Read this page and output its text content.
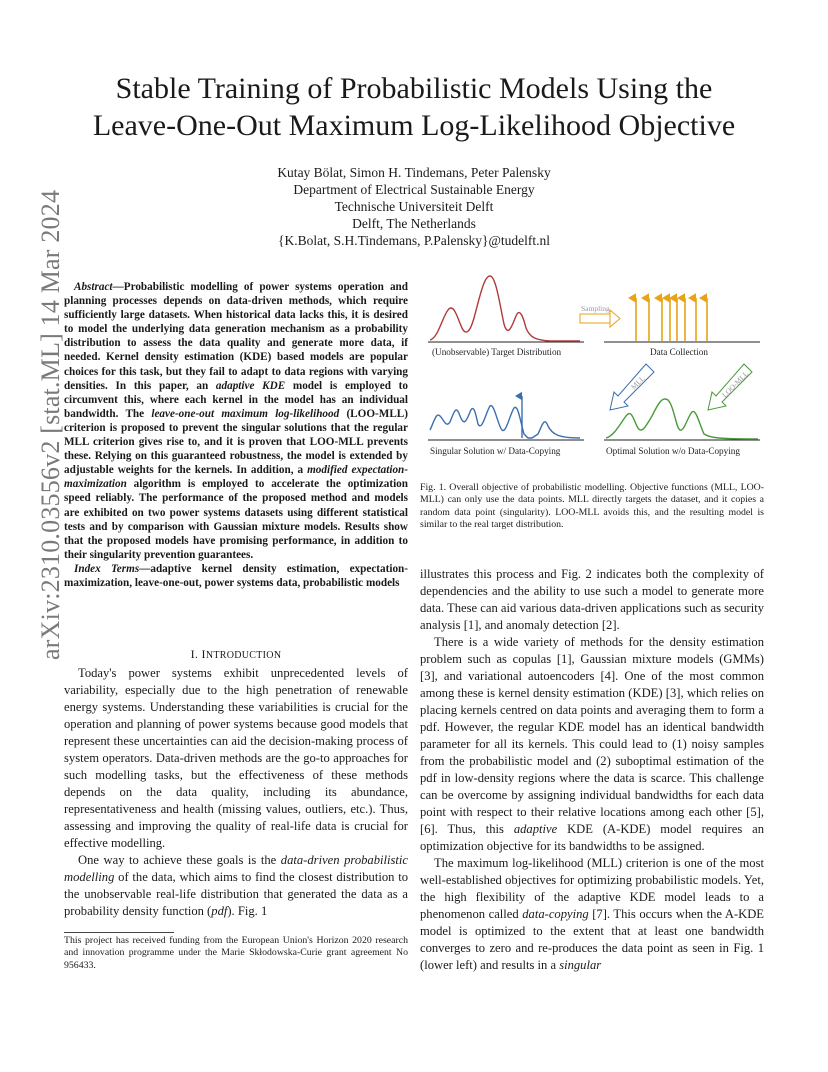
Stable Training of Probabilistic Models Using the
Leave-One-Out Maximum Log-Likelihood Objective
Kutay Bölat, Simon H. Tindemans, Peter Palensky
Department of Electrical Sustainable Energy
Technische Universiteit Delft
Delft, The Netherlands
{K.Bolat, S.H.Tindemans, P.Palensky}@tudelft.nl
arXiv:2310.03556v2 [stat.ML] 14 Mar 2024 Abstract—Probabilistic modelling of power systems operation and planning processes depends on data-driven methods, which require sufficiently large datasets. When historical data lacks this, it is desired to model the underlying data generation mechanism as a probability distribution to assess the data quality and generate more data, if needed. Kernel density estimation (KDE) based models are popular choices for this task, but they fail to adapt to data regions with varying densities. In this paper, an adaptive KDE model is employed to circumvent this, where each kernel in the model has an individual bandwidth. The leave-one-out maximum log-likelihood (LOO-MLL) criterion is proposed to prevent the singular solutions that the regular MLL criterion gives rise to, and it is proven that LOO-MLL prevents these. Relying on this guaranteed robustness, the model is extended by adjustable weights for the kernels. In addition, a modified expectation-maximization algorithm is employed to accelerate the optimization speed reliably. The performance of the proposed method and models are exhibited on two power systems datasets using different statistical tests and by comparison with Gaussian mixture models. Results show that the proposed models have promising performance, in addition to their singularity prevention guarantees.

Index Terms—adaptive kernel density estimation, expectation-maximization, leave-one-out, power systems data, probabilistic models

I. INTRODUCTION

Today's power systems exhibit unprecedented levels of variability, especially due to the high penetration of renewable energy systems. Understanding these variabilities is crucial for the operation and planning of power systems because good models that represent these uncertainties can aid the decision-making process of system operators. Data-driven methods are the go-to approaches for such modelling tasks, but the effectiveness of these methods depends on the data quality, including its abundance, representativeness and health (missing values, outliers, etc.). Thus, assessing and improving the quality of real-life data is crucial for effective modelling.

One way to achieve these goals is the data-driven probabilistic modelling of the data, which aims to find the closest distribution to the unobservable real-life distribution that generated the data as a probability density function (pdf). Fig. 1

This project has received funding from the European Union's Horizon 2020 research and innovation programme under the Marie Skłodowska-Curie grant agreement No 956433.
(Unobservable) Target Distribution
Sampling
Data Collection
MLL	LOO-MLL
Singular Solution w/ Data-Copying	Optimal Solution w/o Data-Copying

Fig. 1. Overall objective of probabilistic modelling. Objective functions (MLL, LOO-MLL) can only use the data points. MLL directly targets the dataset, and it copies a random data point (singularity). LOO-MLL avoids this, and the resulting model is similar to the real target distribution.

illustrates this process and Fig. 2 indicates both the complexity of dependencies and the ability to use such a model to generate more data. These can aid various data-driven applications such as security analysis [1], and anomaly detection [2].

There is a wide variety of methods for the density estimation problem such as copulas [1], Gaussian mixture models (GMMs) [3], and variational autoencoders [4]. One of the most common among these is kernel density estimation (KDE) [3], which relies on placing kernels centred on data points and averaging them to form a pdf. However, the regular KDE model has an identical bandwidth parameter for all its kernels. This could lead to (1) noisy samples from the probabilistic model and (2) suboptimal estimation of the pdf in low-density regions where the data is scarce. This challenge can be overcome by assigning individual bandwidths for each data point with respect to their relative locations among each other [5], [6]. Thus, this adaptive KDE (A-KDE) model requires an optimization objective for its bandwidths to be assigned.

The maximum log-likelihood (MLL) criterion is one of the most well-established objectives for optimizing probabilistic models. Yet, the high flexibility of the adaptive KDE model leads to a phenomenon called data-copying [7]. This occurs when the A-KDE model is optimized to the extent that at least one bandwidth converges to zero and re-produces the data point as seen in Fig. 1 (lower left) and results in a singular
